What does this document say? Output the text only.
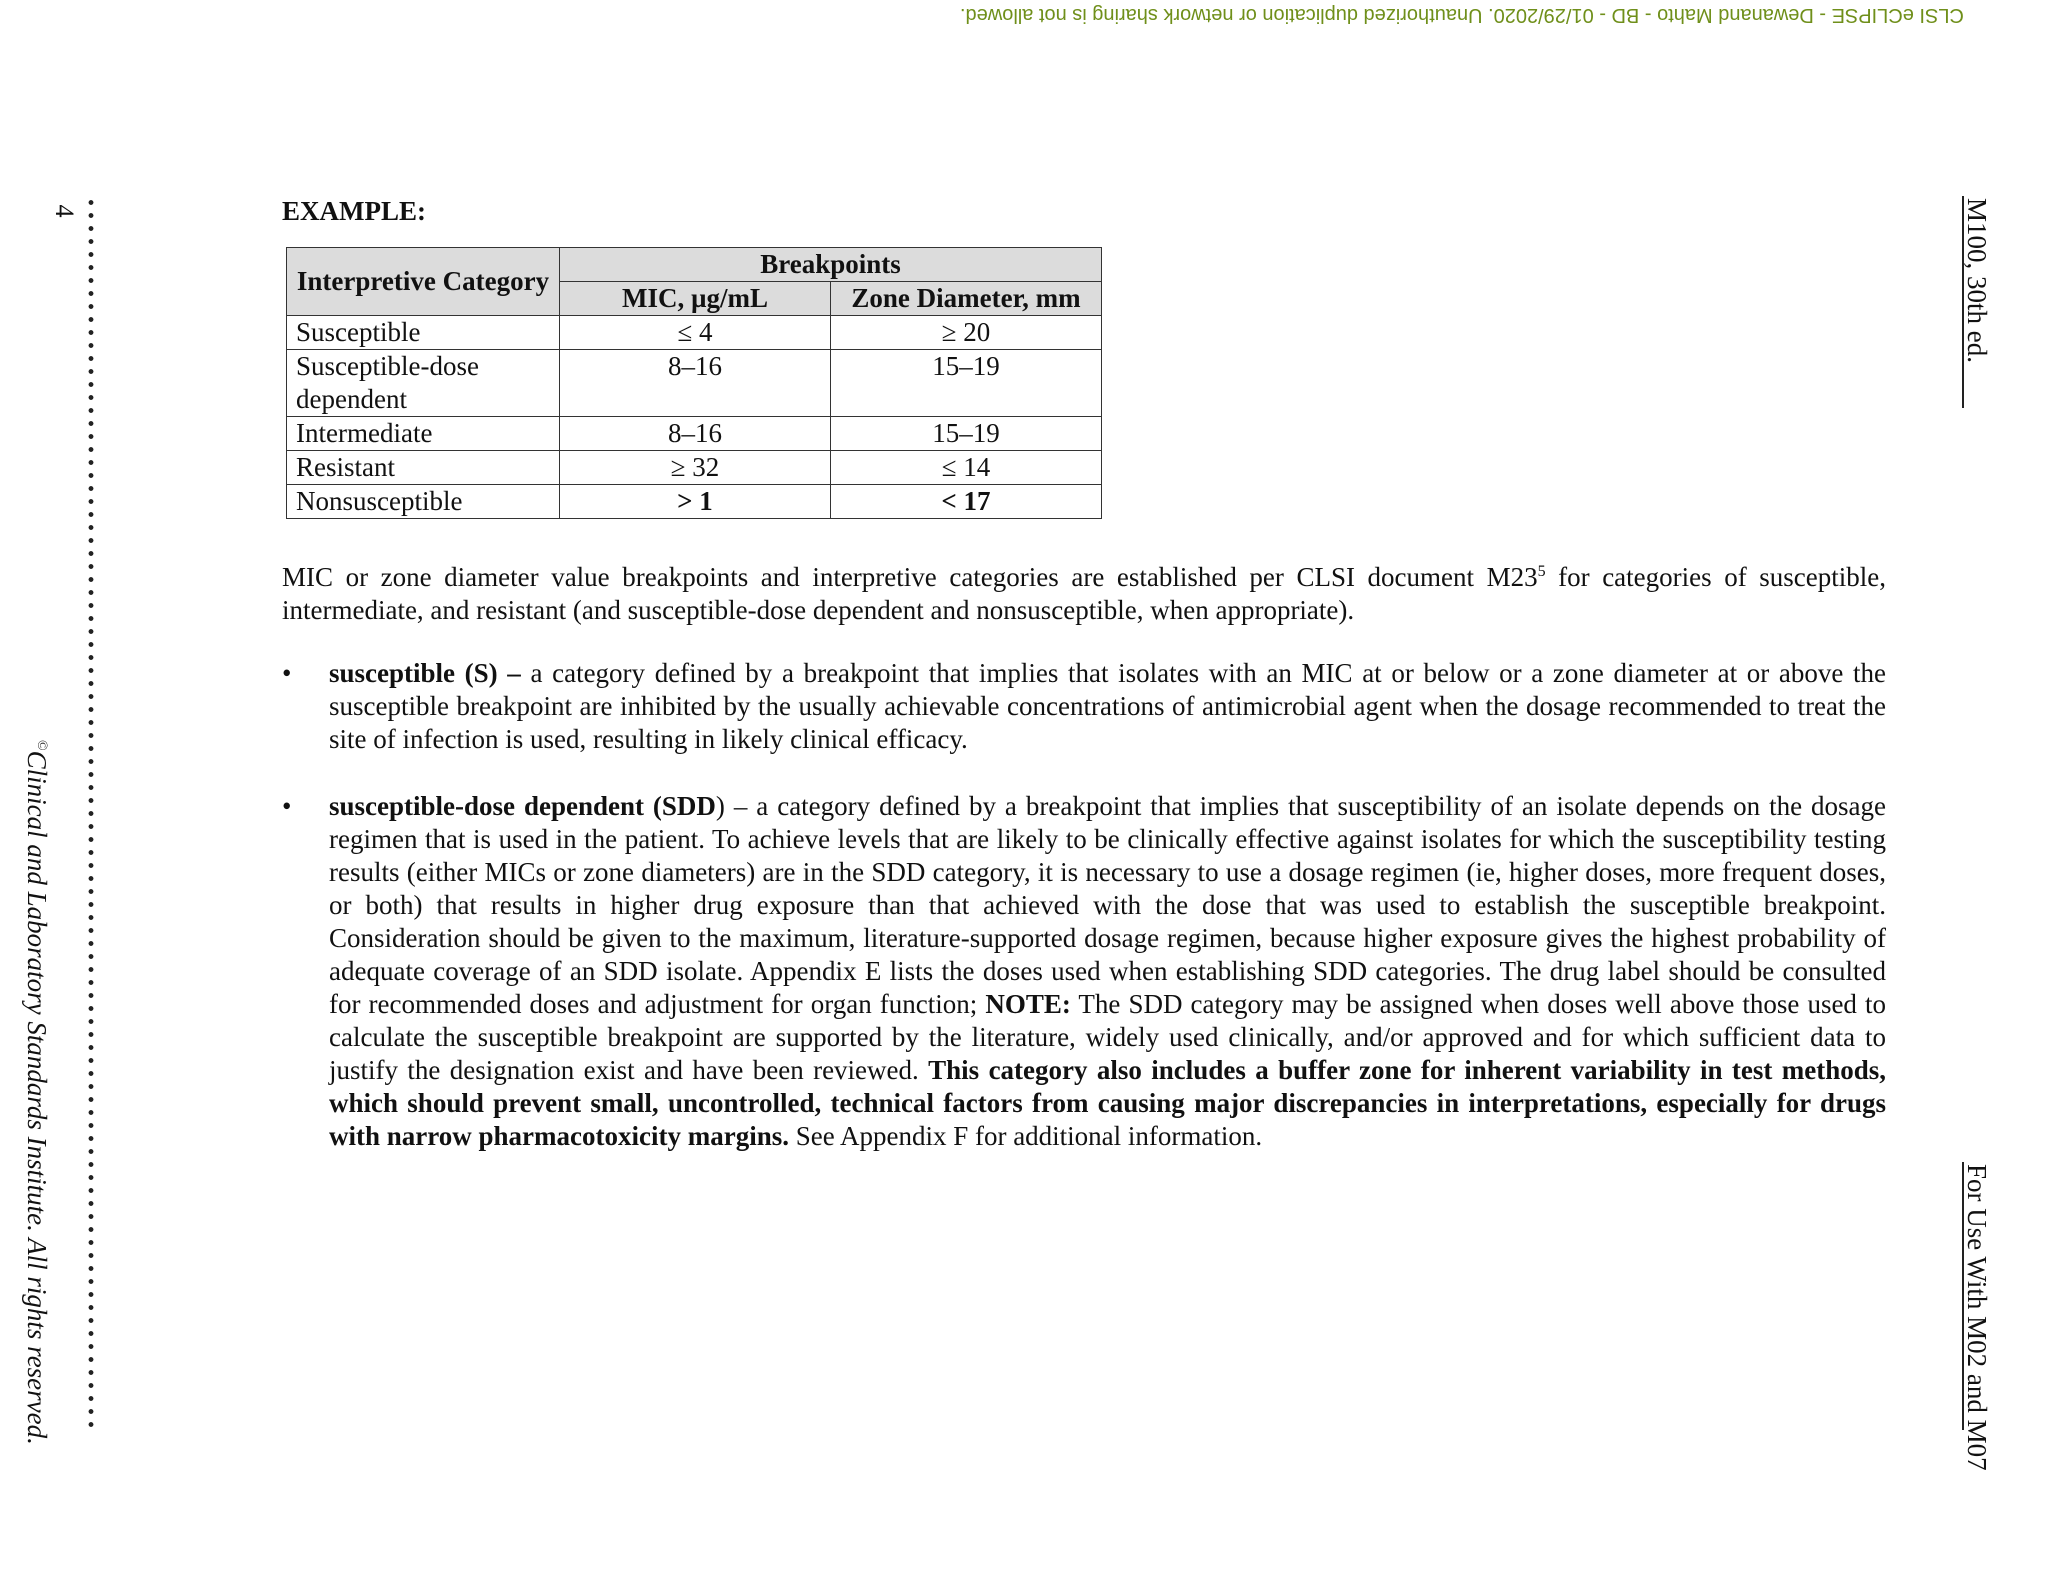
CLSI eCLIPSE - Dewanand Mahto - BD - 01/29/2020. Unauthorized duplication or network sharing is not allowed.
4
©Clinical and Laboratory Standards Institute. All rights reserved.
M100, 30th ed.
For Use With M02 and M07
EXAMPLE:
Interpretive Category	Breakpoints	
	MIC, µg/mL	Zone Diameter, mm
Susceptible	≤ 4	≥ 20
Susceptible-dose dependent	8–16	15–19
Intermediate	8–16	15–19
Resistant	≥ 32	≤ 14
Nonsusceptible	> 1	< 17

MIC or zone diameter value breakpoints and interpretive categories are established per CLSI document $M23^5$ for categories of susceptible, intermediate, and resistant (and susceptible-dose dependent and nonsusceptible, when appropriate).

• susceptible (S) – a category defined by a breakpoint that implies that isolates with an MIC at or below or a zone diameter at or above the susceptible breakpoint are inhibited by the usually achievable concentrations of antimicrobial agent when the dosage recommended to treat the site of infection is used, resulting in likely clinical efficacy.
• susceptible-dose dependent (SDD) – a category defined by a breakpoint that implies that susceptibility of an isolate depends on the dosage regimen that is used in the patient. To achieve levels that are likely to be clinically effective against isolates for which the susceptibility testing results (either MICs or zone diameters) are in the SDD category, it is necessary to use a dosage regimen (ie, higher doses, more frequent doses, or both) that results in higher drug exposure than that achieved with the dose that was used to establish the susceptible breakpoint. Consideration should be given to the maximum, literature-supported dosage regimen, because higher exposure gives the highest probability of adequate coverage of an SDD isolate. Appendix E lists the doses used when establishing SDD categories. The drug label should be consulted for recommended doses and adjustment for organ function; NOTE: The SDD category may be assigned when doses well above those used to calculate the susceptible breakpoint are supported by the literature, widely used clinically, and/or approved and for which sufficient data to justify the designation exist and have been reviewed. This category also includes a buffer zone for inherent variability in test methods, which should prevent small, uncontrolled, technical factors from causing major discrepancies in interpretations, especially for drugs with narrow pharmacotoxicity margins. See Appendix F for additional information.
